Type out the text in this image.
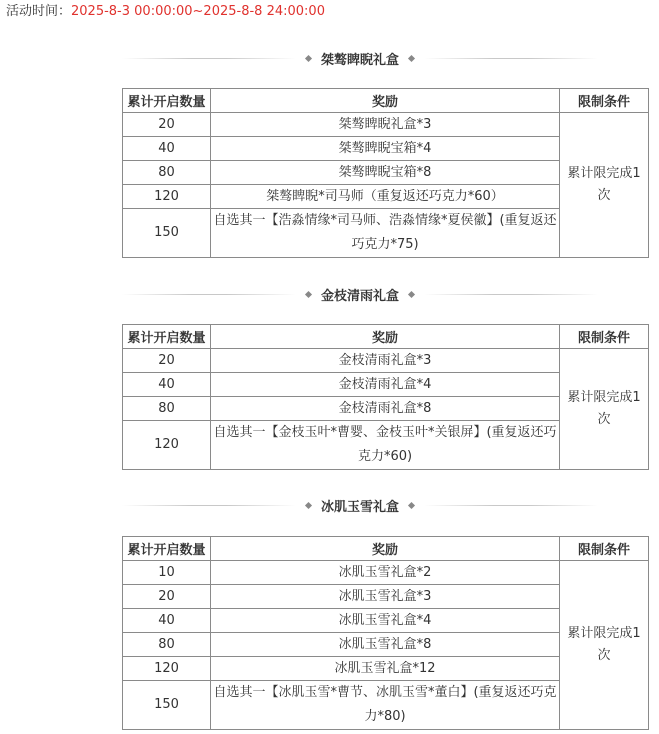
活动时间：2025-8-3 00:00:00~2025-8-8 24:00:00
桀骜睥睨礼盒
累计开启数量	奖励	限制条件
20	桀骜睥睨礼盒*3	累计限完成1次
40	桀骜睥睨宝箱*4	
80	桀骜睥睨宝箱*8	
120	桀骜睥睨*司马师（重复返还巧克力*60）	
150	自选其一【浩淼情缘*司马师、浩淼情缘*夏侯徽】(重复返还巧克力*75)	
金枝清雨礼盒
累计开启数量	奖励	限制条件
20	金枝清雨礼盒*3	累计限完成1次
40	金枝清雨礼盒*4	
80	金枝清雨礼盒*8	
120	自选其一【金枝玉叶*曹婴、金枝玉叶*关银屏】(重复返还巧克力*60)	
冰肌玉雪礼盒
累计开启数量	奖励	限制条件
10	冰肌玉雪礼盒*2	累计限完成1次
20	冰肌玉雪礼盒*3	
40	冰肌玉雪礼盒*4	
80	冰肌玉雪礼盒*8	
120	冰肌玉雪礼盒*12	
150	自选其一【冰肌玉雪*曹节、冰肌玉雪*董白】(重复返还巧克力*80)	
